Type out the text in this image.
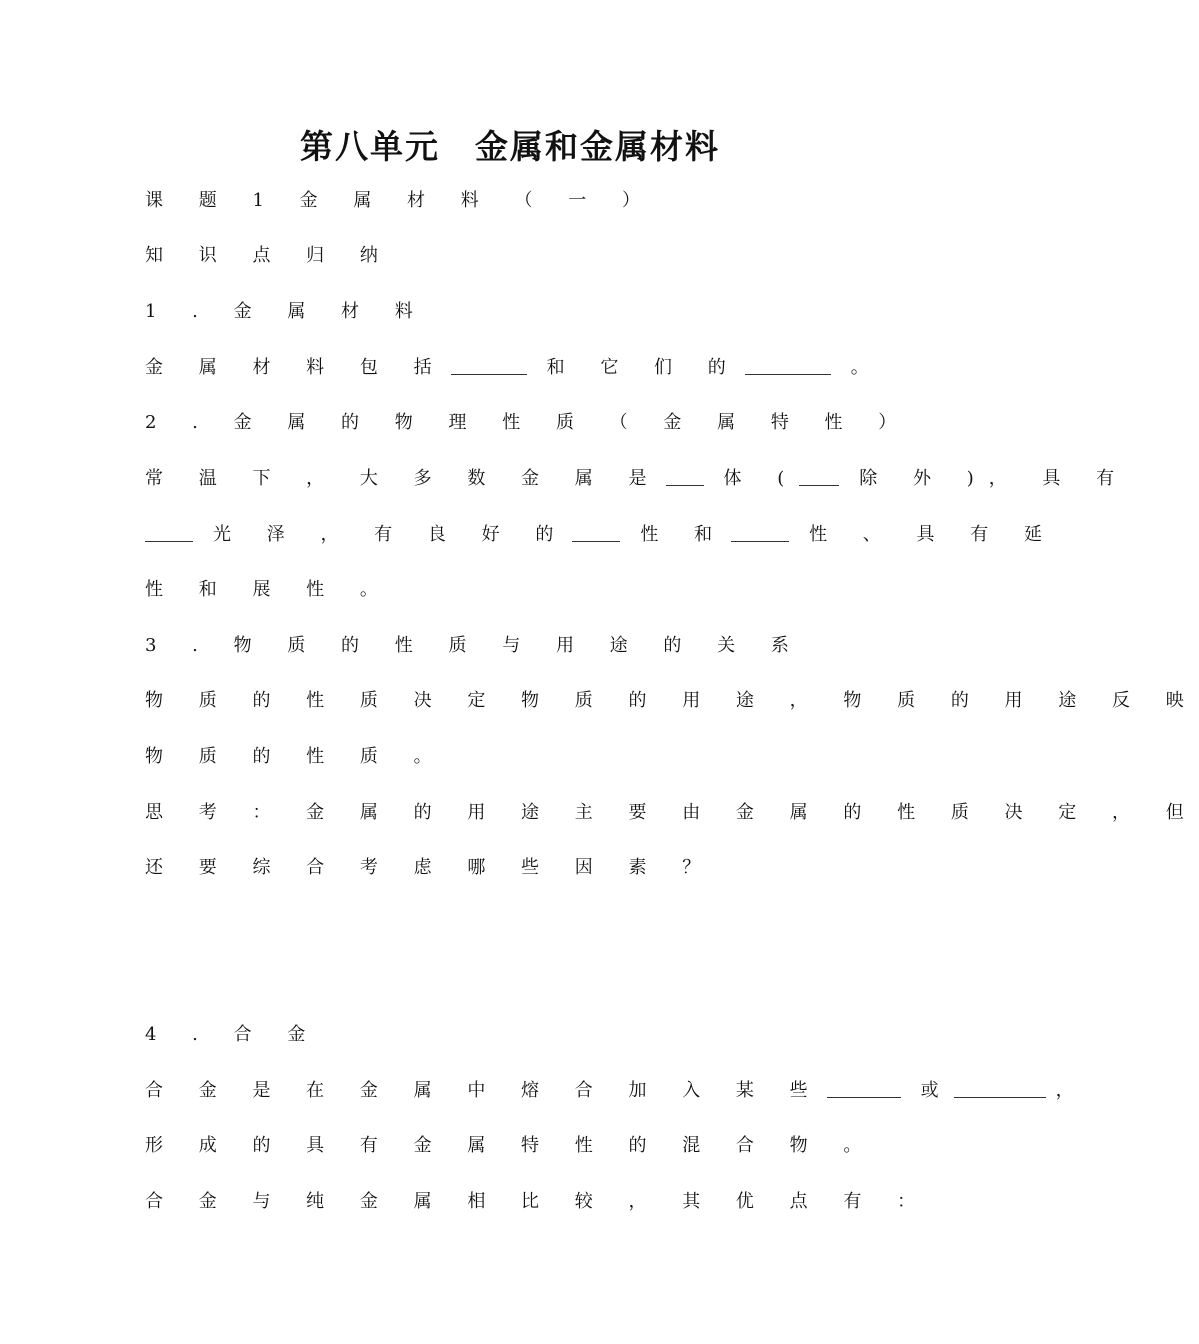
第八单元　金属和金属材料
课 题 1 金 属 材 料 （ 一 ）
知 识 点 归 纳
1 . 金 属 材 料
金 属 材 料 包 括	和 它 们 的	。
2 . 金 属 的 物 理 性 质 （ 金 属 特 性 ）
常 温 下 ， 大 多 数 金 属 是	体 (	除 外 )， 具 有
光 泽 ， 有 良 好 的	性 和	性 、 具 有 延
性 和 展 性 。
3 . 物 质 的 性 质 与 用 途 的 关 系
物 质 的 性 质 决 定 物 质 的 用 途 ， 物 质 的 用 途 反 映
物 质 的 性 质 。
思 考 ： 金 属 的 用 途 主 要 由 金 属 的 性 质 决 定 ， 但
还 要 综 合 考 虑 哪 些 因 素 ？
4 . 合 金
合 金 是 在 金 属 中 熔 合 加 入 某 些	或	，
形 成 的 具 有 金 属 特 性 的 混 合 物 。
合 金 与 纯 金 属 相 比 较 ， 其 优 点 有 ：
